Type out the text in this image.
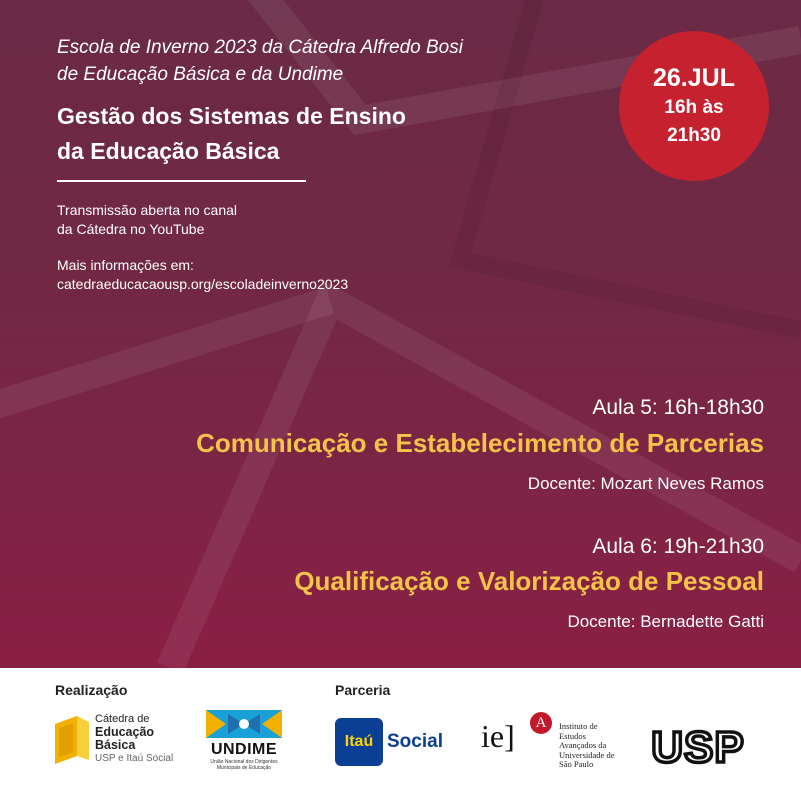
Escola de Inverno 2023 da Cátedra Alfredo Bosi
de Educação Básica e da Undime
Gestão dos Sistemas de Ensino
da Educação Básica
Transmissão aberta no canal
da Cátedra no YouTube
Mais informações em:
catedraeducacaousp.org/escoladeinverno2023
26.JUL
16h às
21h30
Aula 5: 16h-18h30
Comunicação e Estabelecimento de Parcerias
Docente: Mozart Neves Ramos
Aula 6: 19h-21h30
Qualificação e Valorização de Pessoal
Docente: Bernadette Gatti
Realização	Parceria
Cátedra de
Educação
Básica
USP e Itaú Social
UNDIME
União Nacional dos Dirigentes
Municipais de Educação
Itaú Social ie]	A	Instituto de
Estudos
Avançados da
Universidade de
São Paulo	USP
